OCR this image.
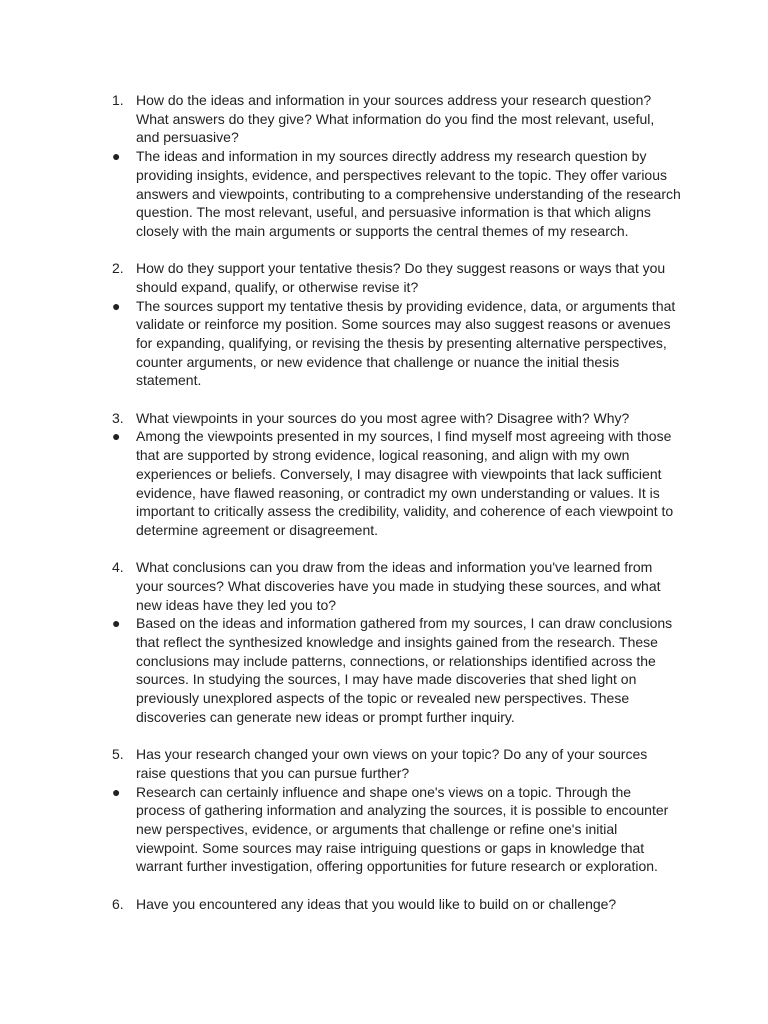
1. How do the ideas and information in your sources address your research question? What answers do they give? What information do you find the most relevant, useful, and persuasive?
● The ideas and information in my sources directly address my research question by providing insights, evidence, and perspectives relevant to the topic. They offer various answers and viewpoints, contributing to a comprehensive understanding of the research question. The most relevant, useful, and persuasive information is that which aligns closely with the main arguments or supports the central themes of my research.
2. How do they support your tentative thesis? Do they suggest reasons or ways that you should expand, qualify, or otherwise revise it?
● The sources support my tentative thesis by providing evidence, data, or arguments that validate or reinforce my position. Some sources may also suggest reasons or avenues for expanding, qualifying, or revising the thesis by presenting alternative perspectives, counter arguments, or new evidence that challenge or nuance the initial thesis statement.
3. What viewpoints in your sources do you most agree with? Disagree with? Why?
● Among the viewpoints presented in my sources, I find myself most agreeing with those that are supported by strong evidence, logical reasoning, and align with my own experiences or beliefs. Conversely, I may disagree with viewpoints that lack sufficient evidence, have flawed reasoning, or contradict my own understanding or values. It is important to critically assess the credibility, validity, and coherence of each viewpoint to determine agreement or disagreement.
4. What conclusions can you draw from the ideas and information you've learned from your sources? What discoveries have you made in studying these sources, and what new ideas have they led you to?
● Based on the ideas and information gathered from my sources, I can draw conclusions that reflect the synthesized knowledge and insights gained from the research. These conclusions may include patterns, connections, or relationships identified across the sources. In studying the sources, I may have made discoveries that shed light on previously unexplored aspects of the topic or revealed new perspectives. These discoveries can generate new ideas or prompt further inquiry.
5. Has your research changed your own views on your topic? Do any of your sources raise questions that you can pursue further?
● Research can certainly influence and shape one's views on a topic. Through the process of gathering information and analyzing the sources, it is possible to encounter new perspectives, evidence, or arguments that challenge or refine one's initial viewpoint. Some sources may raise intriguing questions or gaps in knowledge that warrant further investigation, offering opportunities for future research or exploration.
6. Have you encountered any ideas that you would like to build on or challenge?
